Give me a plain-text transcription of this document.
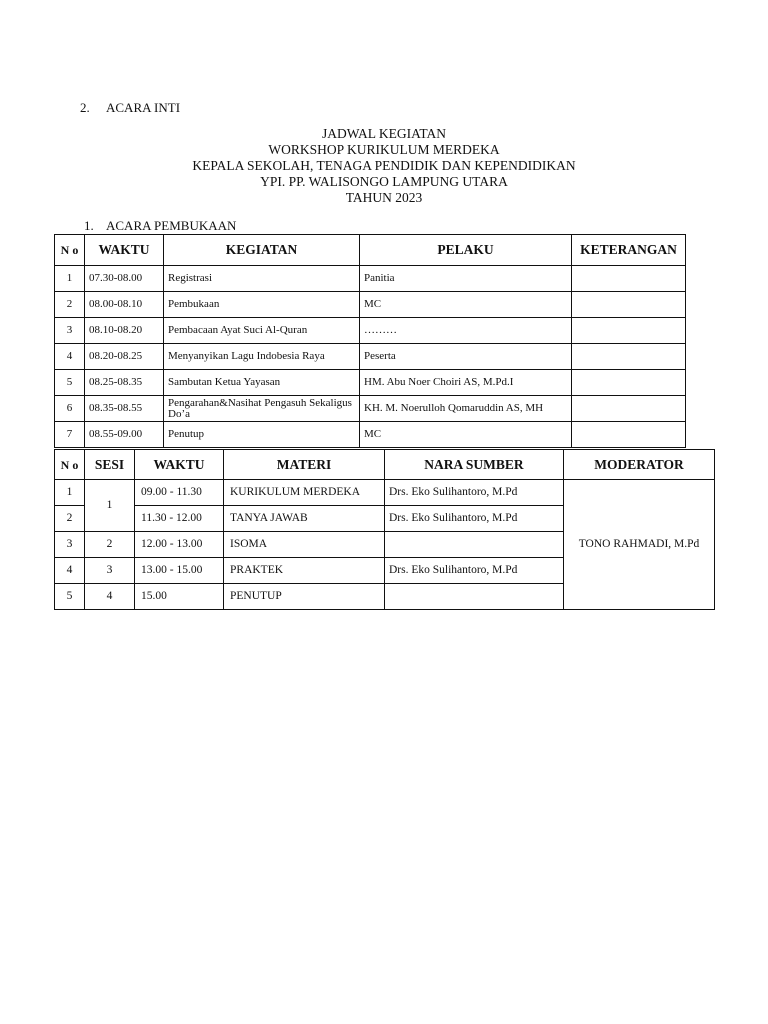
2. ACARA INTI
JADWAL KEGIATAN
WORKSHOP KURIKULUM MERDEKA
KEPALA SEKOLAH, TENAGA PENDIDIK DAN KEPENDIDIKAN
YPI. PP. WALISONGO LAMPUNG UTARA
TAHUN 2023
1. ACARA PEMBUKAAN
N o	WAKTU	KEGIATAN	PELAKU	KETERANGAN
1	07.30-08.00	Registrasi	Panitia	
2	08.00-08.10	Pembukaan	MC	
3	08.10-08.20	Pembacaan Ayat Suci Al-Quran	………	
4	08.20-08.25	Menyanyikan Lagu Indobesia Raya	Peserta	
5	08.25-08.35	Sambutan Ketua Yayasan	HM. Abu Noer Choiri AS, M.Pd.I	
6	08.35-08.55	Pengarahan&Nasihat Pengasuh Sekaligus Do’a	KH. M. Noerulloh Qomaruddin AS, MH	
7	08.55-09.00	Penutup	MC	
N o	SESI	WAKTU	MATERI	NARA SUMBER	MODERATOR
1	1	09.00 - 11.30	KURIKULUM MERDEKA	Drs. Eko Sulihantoro, M.Pd	TONO RAHMADI, M.Pd
2		11.30 - 12.00	TANYA JAWAB	Drs. Eko Sulihantoro, M.Pd	
3	2	12.00 - 13.00	ISOMA		
4	3	13.00 - 15.00	PRAKTEK	Drs. Eko Sulihantoro, M.Pd	
5	4	15.00	PENUTUP		
